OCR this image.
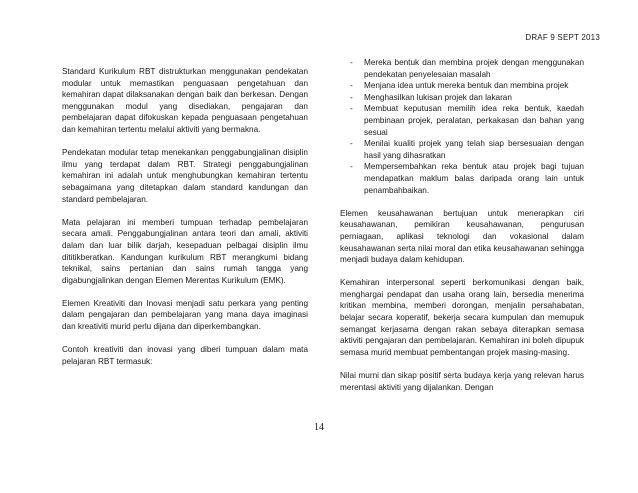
DRAF 9 SEPT 2013

Standard Kurikulum RBT distrukturkan menggunakan pendekatan modular untuk memastikan penguasaan pengetahuan dan kemahiran dapat dilaksanakan dengan baik dan berkesan. Dengan menggunakan modul yang disediakan, pengajaran dan pembelajaran dapat difokuskan kepada penguasaan pengetahuan dan kemahiran tertentu melalui aktiviti yang bermakna.

Pendekatan modular tetap menekankan penggabungjalinan disiplin ilmu yang terdapat dalam RBT. Strategi penggabungjalinan kemahiran ini adalah untuk menghubungkan kemahiran tertentu sebagaimana yang ditetapkan dalam standard kandungan dan standard pembelajaran.

Mata pelajaran ini memberi tumpuan terhadap pembelajaran secara amali. Penggabungjalinan antara teori dan amali, aktiviti dalam dan luar bilik darjah, kesepaduan pelbagai disiplin ilmu dititikberatkan. Kandungan kurikulum RBT merangkumi bidang teknikal, sains pertanian dan sains rumah tangga yang digabungjalinkan dengan Elemen Merentas Kurikulum (EMK).

Elemen Kreativiti dan Inovasi menjadi satu perkara yang penting dalam pengajaran dan pembelajaran yang mana daya imaginasi dan kreativiti murid perlu dijana dan diperkembangkan.

Contoh kreativiti dan inovasi yang diberi tumpuan dalam mata pelajaran RBT termasuk:

- Mereka bentuk dan membina projek dengan menggunakan pendekatan penyelesaian masalah
- Menjana idea untuk mereka bentuk dan membina projek
- Menghasilkan lukisan projek dan lakaran
- Membuat keputusan memilih idea reka bentuk, kaedah pembinaan projek, peralatan, perkakasan dan bahan yang sesuai
- Menilai kualiti projek yang telah siap bersesuaian dengan hasil yang dihasratkan
- Mempersembahkan reka bentuk atau projek bagi tujuan mendapatkan maklum balas daripada orang lain untuk penambahbaikan.

Elemen keusahawanan bertujuan untuk menerapkan ciri keusahawanan, pemikiran keusahawanan, pengurusan perniagaan, aplikasi teknologi dan vokasional dalam keusahawanan serta nilai moral dan etika keusahawanan sehingga menjadi budaya dalam kehidupan.

Kemahiran interpersonal seperti berkomunikasi dengan baik, menghargai pendapat dan usaha orang lain, bersedia menerima kritikan membina, memberi dorongan, menjalin persahabatan, belajar secara koperatif, bekerja secara kumpulan dan memupuk semangat kerjasama dengan rakan sebaya diterapkan semasa aktiviti pengajaran dan pembelajaran. Kemahiran ini boleh dipupuk semasa murid membuat pembentangan projek masing-masing.

Nilai murni dan sikap positif serta budaya kerja yang relevan harus merentasi aktiviti yang dijalankan. Dengan

14
